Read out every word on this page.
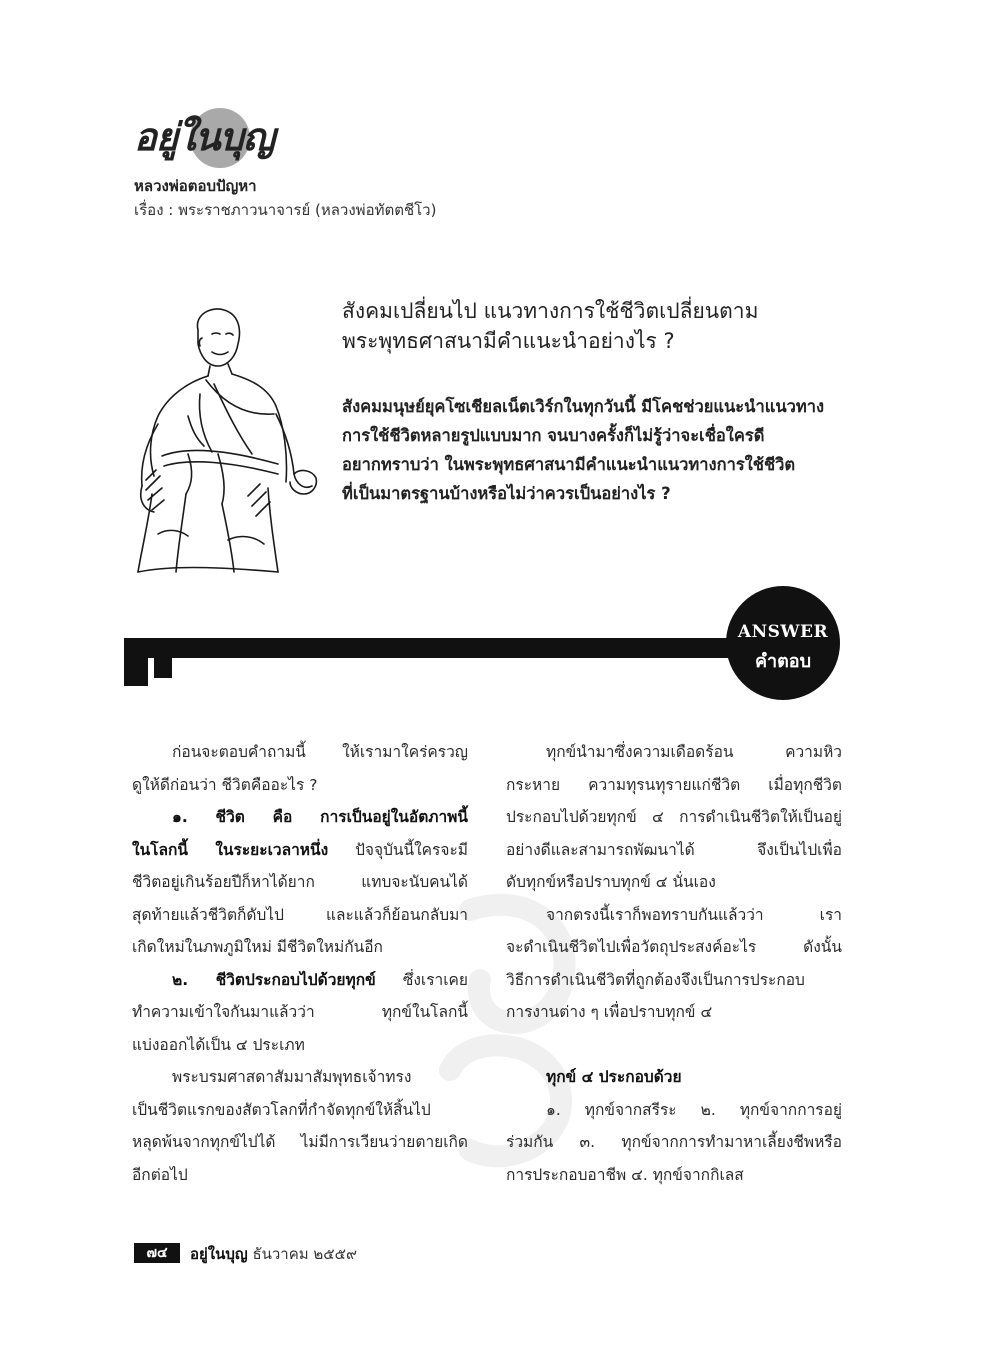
อยู่ในบุญ
หลวงพ่อตอบปัญหา
เรื่อง : พระราชภาวนาจารย์ (หลวงพ่อทัตตชีโว)
สังคมเปลี่ยนไป แนวทางการใช้ชีวิตเปลี่ยนตาม
พระพุทธศาสนามีคำแนะนำอย่างไร ?
สังคมมนุษย์ยุคโซเชียลเน็ตเวิร์กในทุกวันนี้ มีโคชช่วยแนะนำแนวทาง
การใช้ชีวิตหลายรูปแบบมาก จนบางครั้งก็ไม่รู้ว่าจะเชื่อใครดี
อยากทราบว่า ในพระพุทธศาสนามีคำแนะนำแนวทางการใช้ชีวิต
ที่เป็นมาตรฐานบ้างหรือไม่ว่าควรเป็นอย่างไร ?
ANSWER
คำตอบ
ก่อนจะตอบคำถามนี้ ให้เรามาใคร่ครวญ
ดูให้ดีก่อนว่า ชีวิตคืออะไร ?
๑. ชีวิต คือ การเป็นอยู่ในอัตภาพนี้
ในโลกนี้ ในระยะเวลาหนึ่ง ปัจจุบันนี้ใครจะมี
ชีวิตอยู่เกินร้อยปีก็หาได้ยาก แทบจะนับคนได้
สุดท้ายแล้วชีวิตก็ดับไป และแล้วก็ย้อนกลับมา
เกิดใหม่ในภพภูมิใหม่ มีชีวิตใหม่กันอีก
๒. ชีวิตประกอบไปด้วยทุกข์ ซึ่งเราเคย
ทำความเข้าใจกันมาแล้วว่า ทุกข์ในโลกนี้
แบ่งออกได้เป็น ๔ ประเภท
พระบรมศาสดาสัมมาสัมพุทธเจ้าทรง
เป็นชีวิตแรกของสัตวโลกที่กำจัดทุกข์ให้สิ้นไป
หลุดพ้นจากทุกข์ไปได้ ไม่มีการเวียนว่ายตายเกิด
อีกต่อไป
ทุกข์นำมาซึ่งความเดือดร้อน ความหิว
กระหาย ความทุรนทุรายแก่ชีวิต เมื่อทุกชีวิต
ประกอบไปด้วยทุกข์ ๔ การดำเนินชีวิตให้เป็นอยู่
อย่างดีและสามารถพัฒนาได้ จึงเป็นไปเพื่อ
ดับทุกข์หรือปราบทุกข์ ๔ นั่นเอง
จากตรงนี้เราก็พอทราบกันแล้วว่า เรา
จะดำเนินชีวิตไปเพื่อวัตถุประสงค์อะไร ดังนั้น
วิธีการดำเนินชีวิตที่ถูกต้องจึงเป็นการประกอบ
การงานต่าง ๆ เพื่อปราบทุกข์ ๔

ทุกข์ ๔ ประกอบด้วย
๑. ทุกข์จากสรีระ ๒. ทุกข์จากการอยู่
ร่วมกัน ๓. ทุกข์จากการทำมาหาเลี้ยงชีพหรือ
การประกอบอาชีพ ๔. ทุกข์จากกิเลส
๗๔	อยู่ในบุญ ธันวาคม ๒๕๕๙
